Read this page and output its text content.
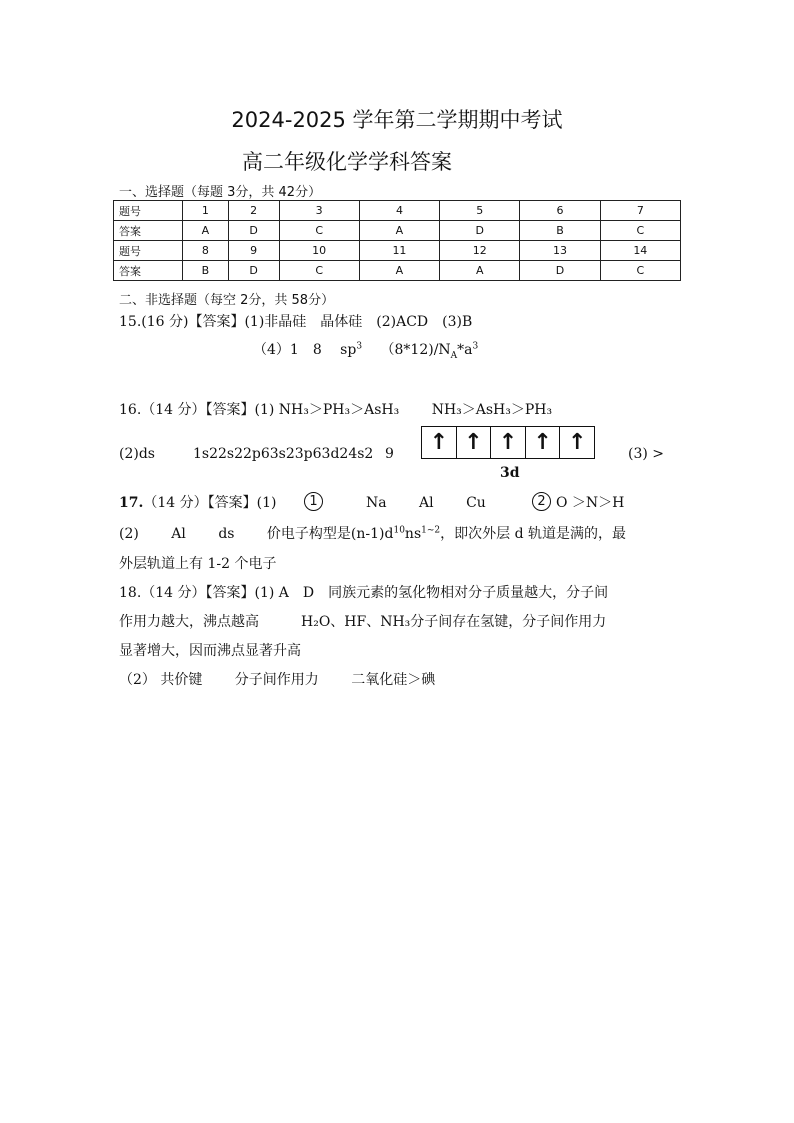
2024-2025 学年第二学期期中考试
高二年级化学学科答案
一、选择题（每题 3分，共 42分）
题号	1	2	3	4	5	6	7
答案	A	D	C	A	D	B	C
题号	8	9	10	11	12	13	14
答案	B	D	C	A	A	D	C
二、非选择题（每空 2分，共 58分）
15.(16 分)【答案】(1)非晶硅　晶体硅　(2)ACD　(3)B
（4）1　8　 $sp^3$　 $(8*12)/N_A*a^3$
16.（14 分）【答案】(1) NH₃＞PH₃＞AsH₃　　 NH₃＞AsH₃＞PH₃
(2)ds	1s22s22p63s23p63d24s2 9 ↑ ↑ ↑ ↑ ↑
3d
(3) >
17.（14 分）【答案】(1)	1	Na　　 Al　　 Cu	2 O ＞N＞H
(2)　　 Al　　 ds　　 价电子构型是$(n-1)d^{10}ns^{1\sim 2}$，即次外层 d 轨道是满的，最
外层轨道上有 1-2 个电子
18.（14 分）【答案】(1) A　D　同族元素的氢化物相对分子质量越大，分子间
作用力越大，沸点越高　　　H₂O、HF、NH₃分子间存在氢键，分子间作用力
显著增大，因而沸点显著升高
（2） 共价键　　 分子间作用力　　 二氧化硅＞碘
